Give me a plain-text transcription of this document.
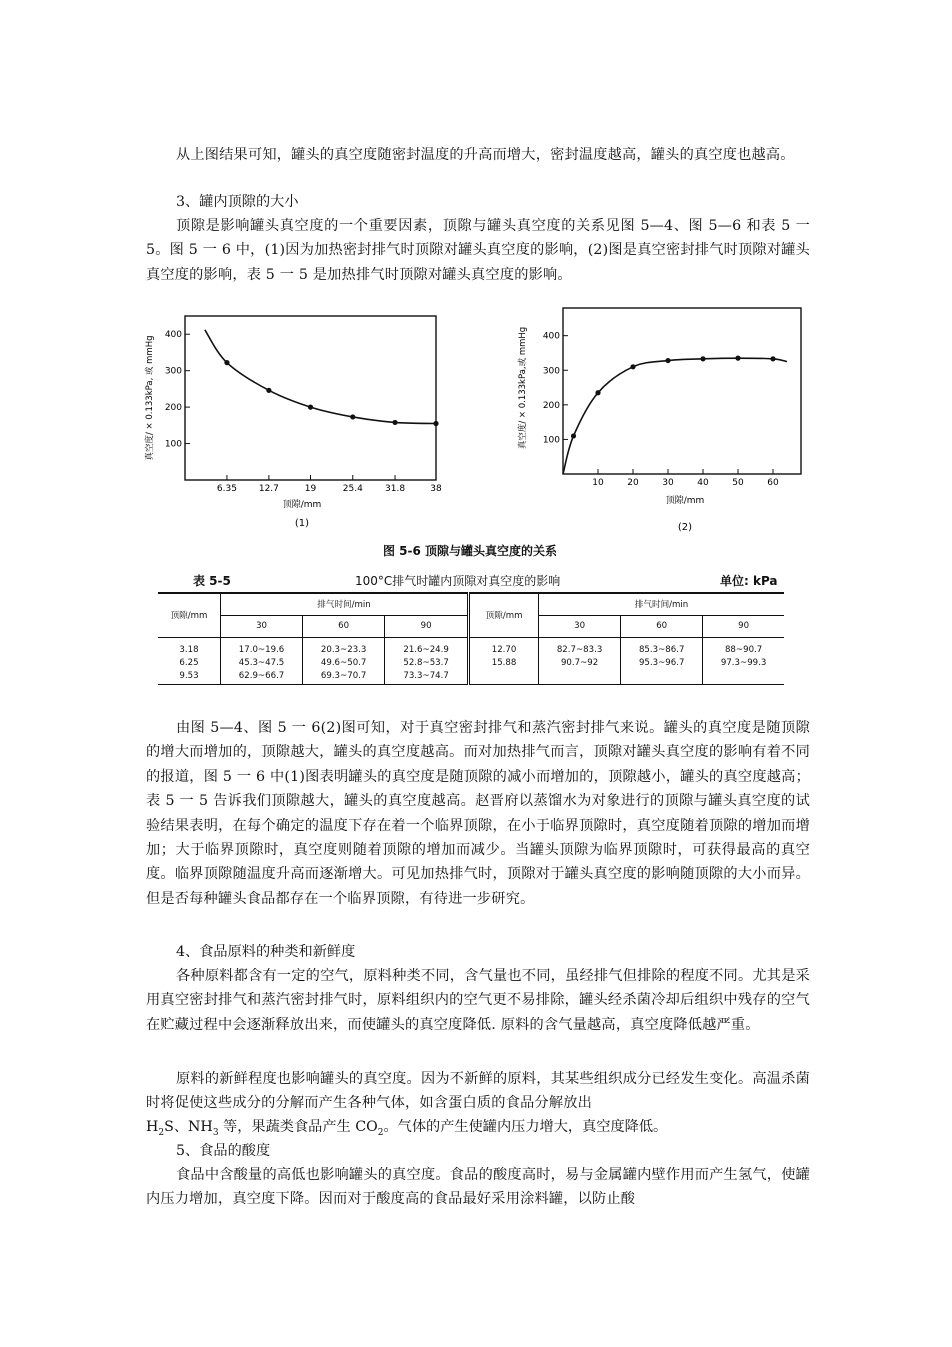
从上图结果可知，罐头的真空度随密封温度的升高而增大，密封温度越高，罐头的真空度也越高。
3、罐内顶隙的大小
顶隙是影响罐头真空度的一个重要因素，顶隙与罐头真空度的关系见图 5—4、图 5—6 和表 5 一 5。图 5 一 6 中，(1)因为加热密封排气时顶隙对罐头真空度的影响，(2)图是真空密封排气时顶隙对罐头真空度的影响，表 5 一 5 是加热排气时顶隙对罐头真空度的影响。
100
200
300
400
6.35 12.7	19	25.4 31.8	38
顶隙/mm
真空度/ × 0.133kPa, 或 mmHg
(1)
100
200
300
400
10	20	30	40	50	60
顶隙/mm
真空度/ × 0.133kPa,或 mmHg
(2)
图 5-6 顶隙与罐头真空度的关系
表 5-5	100°C排气时罐内顶隙对真空度的影响	单位: kPa
顶隙/mm	排气时间/min			顶隙/mm	排气时间/min		
	30	60	90		30	60	90

3.18	17.0~19.6	20.3~23.3	21.6~24.9	12.70	82.7~83.3	85.3~86.7	88~90.7
6.25	45.3~47.5	49.6~50.7	52.8~53.7	15.88	90.7~92	95.3~96.7	97.3~99.3
9.53	62.9~66.7	69.3~70.7	73.3~74.7				
由图 5—4、图 5 一 6(2)图可知，对于真空密封排气和蒸汽密封排气来说。罐头的真空度是随顶隙的增大而增加的，顶隙越大，罐头的真空度越高。而对加热排气而言，顶隙对罐头真空度的影响有着不同的报道，图 5 一 6 中(1)图表明罐头的真空度是随顶隙的减小而增加的，顶隙越小，罐头的真空度越高；表 5 一 5 告诉我们顶隙越大，罐头的真空度越高。赵晋府以蒸馏水为对象进行的顶隙与罐头真空度的试验结果表明，在每个确定的温度下存在着一个临界顶隙，在小于临界顶隙时，真空度随着顶隙的增加而增加；大于临界顶隙时，真空度则随着顶隙的增加而减少。当罐头顶隙为临界顶隙时，可获得最高的真空度。临界顶隙随温度升高而逐渐增大。可见加热排气时，顶隙对于罐头真空度的影响随顶隙的大小而异。但是否每种罐头食品都存在一个临界顶隙，有待进一步研究。
4、食品原料的种类和新鲜度
各种原料都含有一定的空气，原料种类不同，含气量也不同，虽经排气但排除的程度不同。尤其是采用真空密封排气和蒸汽密封排气时，原料组织内的空气更不易排除，罐头经杀菌冷却后组织中残存的空气在贮藏过程中会逐渐释放出来，而使罐头的真空度降低. 原料的含气量越高，真空度降低越严重。
原料的新鲜程度也影响罐头的真空度。因为不新鲜的原料，其某些组织成分已经发生变化。高温杀菌时将促使这些成分的分解而产生各种气体，如含蛋白质的食品分解放出
$H_2S$、$NH_3$ 等，果蔬类食品产生 $CO_2$。气体的产生使罐内压力增大，真空度降低。
5、食品的酸度
食品中含酸量的高低也影响罐头的真空度。食品的酸度高时，易与金属罐内壁作用而产生氢气，使罐内压力增加，真空度下降。因而对于酸度高的食品最好采用涂料罐，以防止酸
